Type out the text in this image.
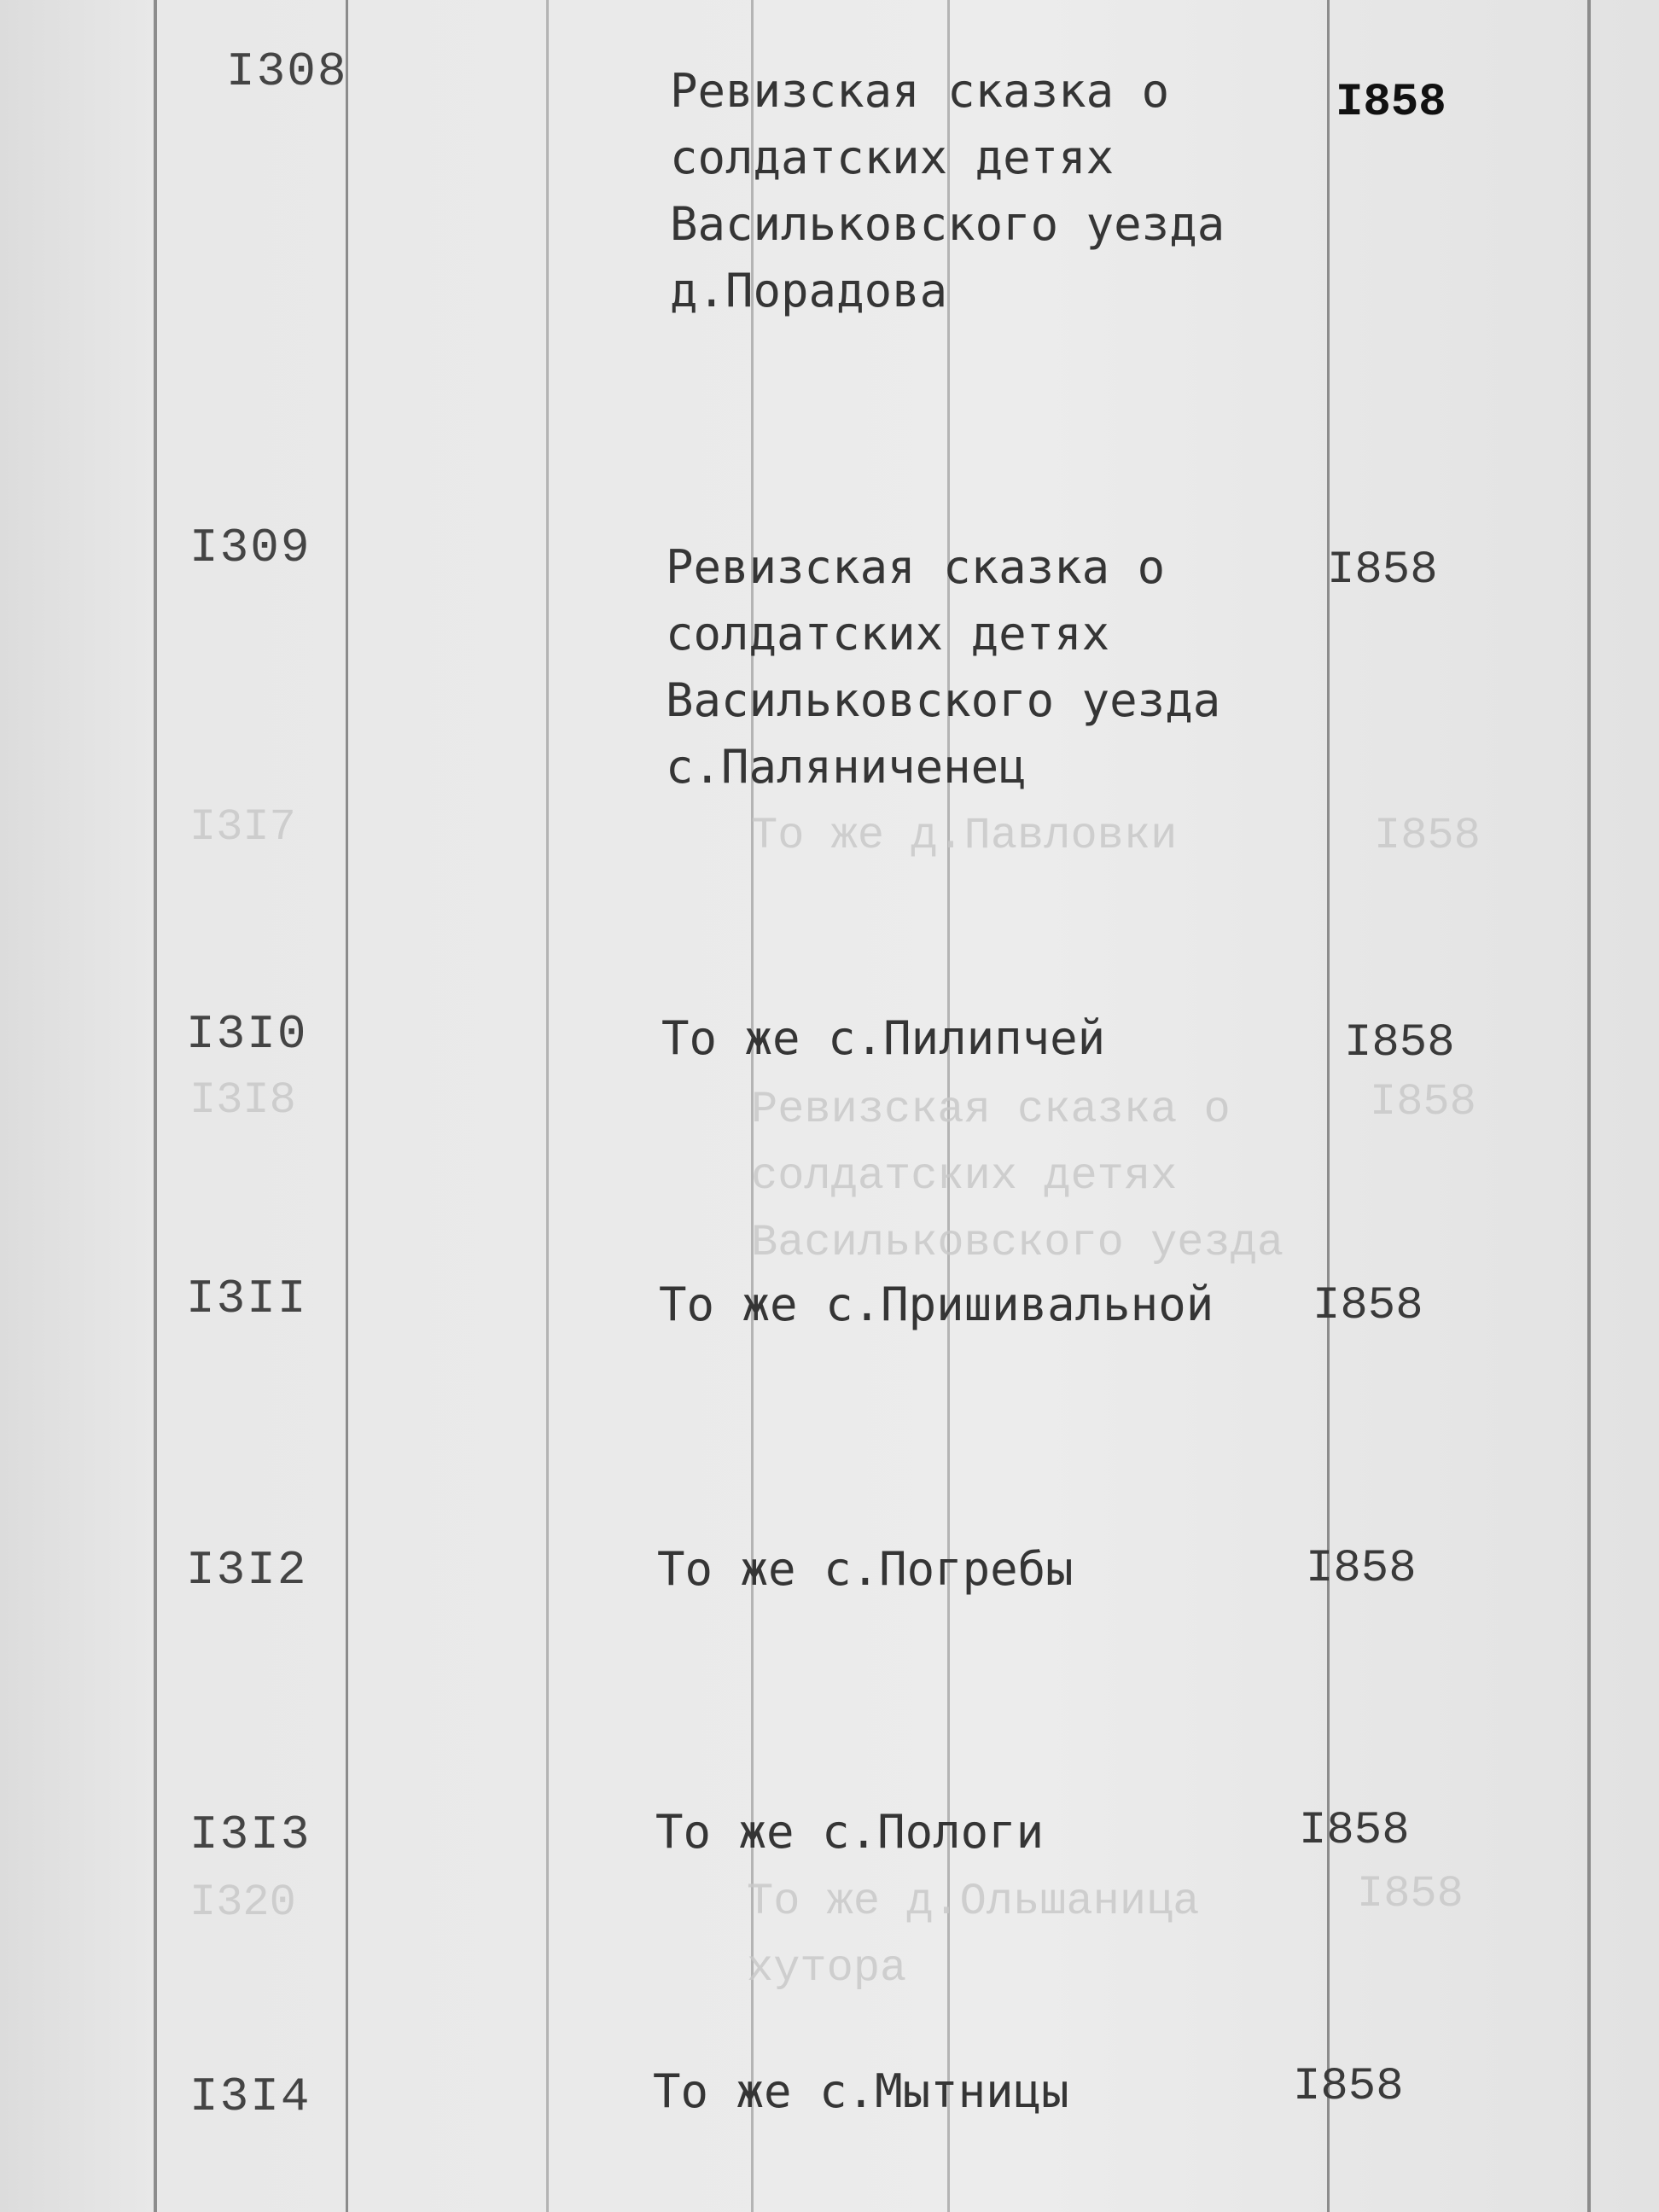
I3I7	То же д.Павловки	I858
I3I8	Ревизская сказка о
солдатских детях
Васильковского уезда
I858
I320	То же д.Ольшаница
хутора
I858
I308	Ревизская сказка о
солдатских детях
Васильковского уезда
д.Порадова
I858
I309	Ревизская сказка о
солдатских детях
Васильковского уезда
с.Паляниченец
I858
I3I0	То же с.Пилипчей	I858
I3II	То же с.Пришивальной I858
I3I2	То же с.Погребы	I858
I3I3	То же с.Пологи	I858
I3I4	То же с.Мытницы	I858
